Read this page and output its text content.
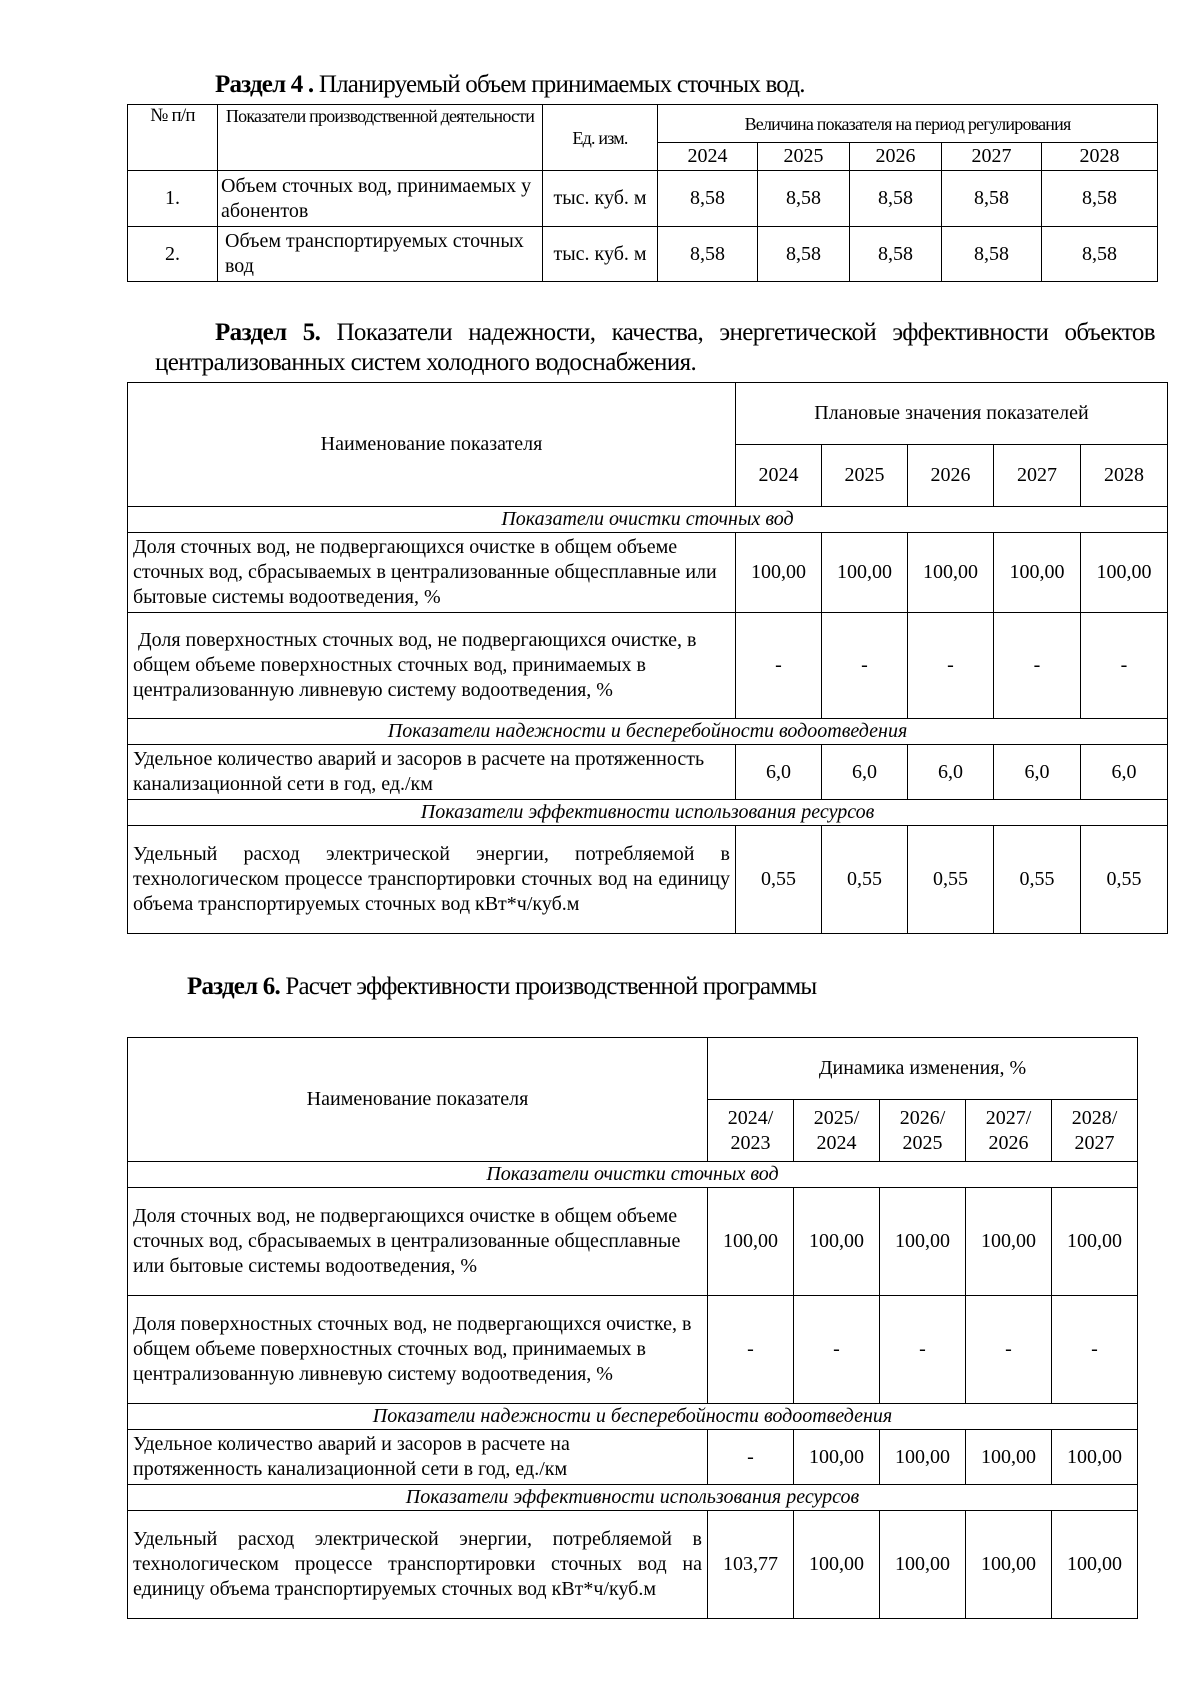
Раздел 4 . Планируемый объем принимаемых сточных вод.
№ п/п	Показатели производственной деятельности	Ед. изм.	Величина показателя на период регулирования				
			2024	2025	2026	2027	2028
1.	Объем сточных вод, принимаемых у абонентов	тыс. куб. м	8,58	8,58	8,58	8,58	8,58
2.	Объем транспортируемых сточных вод	тыс. куб. м	8,58	8,58	8,58	8,58	8,58
Раздел 5. Показатели надежности, качества, энергетической эффективности объектов централизованных систем холодного водоснабжения.
Наименование показателя	Плановые значения показателей				
	2024	2025	2026	2027	2028
Показатели очистки сточных вод					
Доля сточных вод, не подвергающихся очистке в общем объеме сточных вод, сбрасываемых в централизованные общесплавные или бытовые системы водоотведения, %	100,00	100,00	100,00	100,00	100,00
Доля поверхностных сточных вод, не подвергающихся очистке, в общем объеме поверхностных сточных вод, принимаемых в централизованную ливневую систему водоотведения, %	-	-	-	-	-
Показатели надежности и бесперебойности водоотведения					
Удельное количество аварий и засоров в расчете на протяженность канализационной сети в год, ед./км	6,0	6,0	6,0	6,0	6,0
Показатели эффективности использования ресурсов					
Удельный расход электрической энергии, потребляемой в технологическом процессе транспортировки сточных вод на единицу объема транспортируемых сточных вод кВт*ч/куб.м	0,55	0,55	0,55	0,55	0,55
Раздел 6. Расчет эффективности производственной программы
Наименование показателя	Динамика изменения, %				
	2024/ 2023	2025/ 2024	2026/ 2025	2027/ 2026	2028/ 2027
Показатели очистки сточных вод					
Доля сточных вод, не подвергающихся очистке в общем объеме сточных вод, сбрасываемых в централизованные общесплавные или бытовые системы водоотведения, %	100,00	100,00	100,00	100,00	100,00
Доля поверхностных сточных вод, не подвергающихся очистке, в общем объеме поверхностных сточных вод, принимаемых в централизованную ливневую систему водоотведения, %	-	-	-	-	-
Показатели надежности и бесперебойности водоотведения					
Удельное количество аварий и засоров в расчете на протяженность канализационной сети в год, ед./км	-	100,00	100,00	100,00	100,00
Показатели эффективности использования ресурсов					
Удельный расход электрической энергии, потребляемой в технологическом процессе транспортировки сточных вод на единицу объема транспортируемых сточных вод кВт*ч/куб.м	103,77	100,00	100,00	100,00	100,00
